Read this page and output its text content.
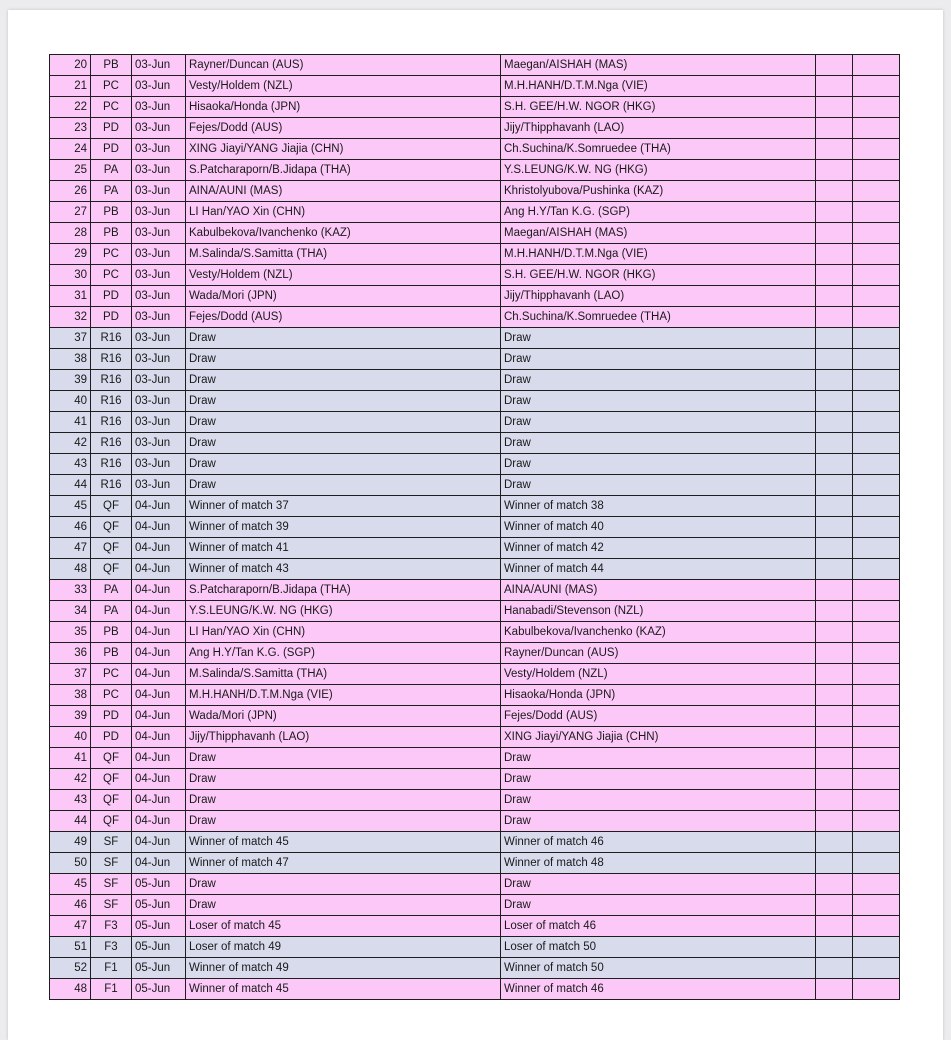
20	PB	03-Jun	Rayner/Duncan (AUS)	Maegan/AISHAH (MAS)		
21	PC	03-Jun	Vesty/Holdem (NZL)	M.H.HANH/D.T.M.Nga (VIE)		
22	PC	03-Jun	Hisaoka/Honda (JPN)	S.H. GEE/H.W. NGOR (HKG)		
23	PD	03-Jun	Fejes/Dodd (AUS)	Jijy/Thipphavanh (LAO)		
24	PD	03-Jun	XING Jiayi/YANG Jiajia (CHN)	Ch.Suchina/K.Somruedee (THA)		
25	PA	03-Jun	S.Patcharaporn/B.Jidapa (THA)	Y.S.LEUNG/K.W. NG (HKG)		
26	PA	03-Jun	AINA/AUNI (MAS)	Khristolyubova/Pushinka (KAZ)		
27	PB	03-Jun	LI Han/YAO Xin (CHN)	Ang H.Y/Tan K.G. (SGP)		
28	PB	03-Jun	Kabulbekova/Ivanchenko (KAZ)	Maegan/AISHAH (MAS)		
29	PC	03-Jun	M.Salinda/S.Samitta (THA)	M.H.HANH/D.T.M.Nga (VIE)		
30	PC	03-Jun	Vesty/Holdem (NZL)	S.H. GEE/H.W. NGOR (HKG)		
31	PD	03-Jun	Wada/Mori (JPN)	Jijy/Thipphavanh (LAO)		
32	PD	03-Jun	Fejes/Dodd (AUS)	Ch.Suchina/K.Somruedee (THA)		
37	R16	03-Jun	Draw	Draw		
38	R16	03-Jun	Draw	Draw		
39	R16	03-Jun	Draw	Draw		
40	R16	03-Jun	Draw	Draw		
41	R16	03-Jun	Draw	Draw		
42	R16	03-Jun	Draw	Draw		
43	R16	03-Jun	Draw	Draw		
44	R16	03-Jun	Draw	Draw		
45	QF	04-Jun	Winner of match 37	Winner of match 38		
46	QF	04-Jun	Winner of match 39	Winner of match 40		
47	QF	04-Jun	Winner of match 41	Winner of match 42		
48	QF	04-Jun	Winner of match 43	Winner of match 44		
33	PA	04-Jun	S.Patcharaporn/B.Jidapa (THA)	AINA/AUNI (MAS)		
34	PA	04-Jun	Y.S.LEUNG/K.W. NG (HKG)	Hanabadi/Stevenson (NZL)		
35	PB	04-Jun	LI Han/YAO Xin (CHN)	Kabulbekova/Ivanchenko (KAZ)		
36	PB	04-Jun	Ang H.Y/Tan K.G. (SGP)	Rayner/Duncan (AUS)		
37	PC	04-Jun	M.Salinda/S.Samitta (THA)	Vesty/Holdem (NZL)		
38	PC	04-Jun	M.H.HANH/D.T.M.Nga (VIE)	Hisaoka/Honda (JPN)		
39	PD	04-Jun	Wada/Mori (JPN)	Fejes/Dodd (AUS)		
40	PD	04-Jun	Jijy/Thipphavanh (LAO)	XING Jiayi/YANG Jiajia (CHN)		
41	QF	04-Jun	Draw	Draw		
42	QF	04-Jun	Draw	Draw		
43	QF	04-Jun	Draw	Draw		
44	QF	04-Jun	Draw	Draw		
49	SF	04-Jun	Winner of match 45	Winner of match 46		
50	SF	04-Jun	Winner of match 47	Winner of match 48		
45	SF	05-Jun	Draw	Draw		
46	SF	05-Jun	Draw	Draw		
47	F3	05-Jun	Loser of match 45	Loser of match 46		
51	F3	05-Jun	Loser of match 49	Loser of match 50		
52	F1	05-Jun	Winner of match 49	Winner of match 50		
48	F1	05-Jun	Winner of match 45	Winner of match 46		
